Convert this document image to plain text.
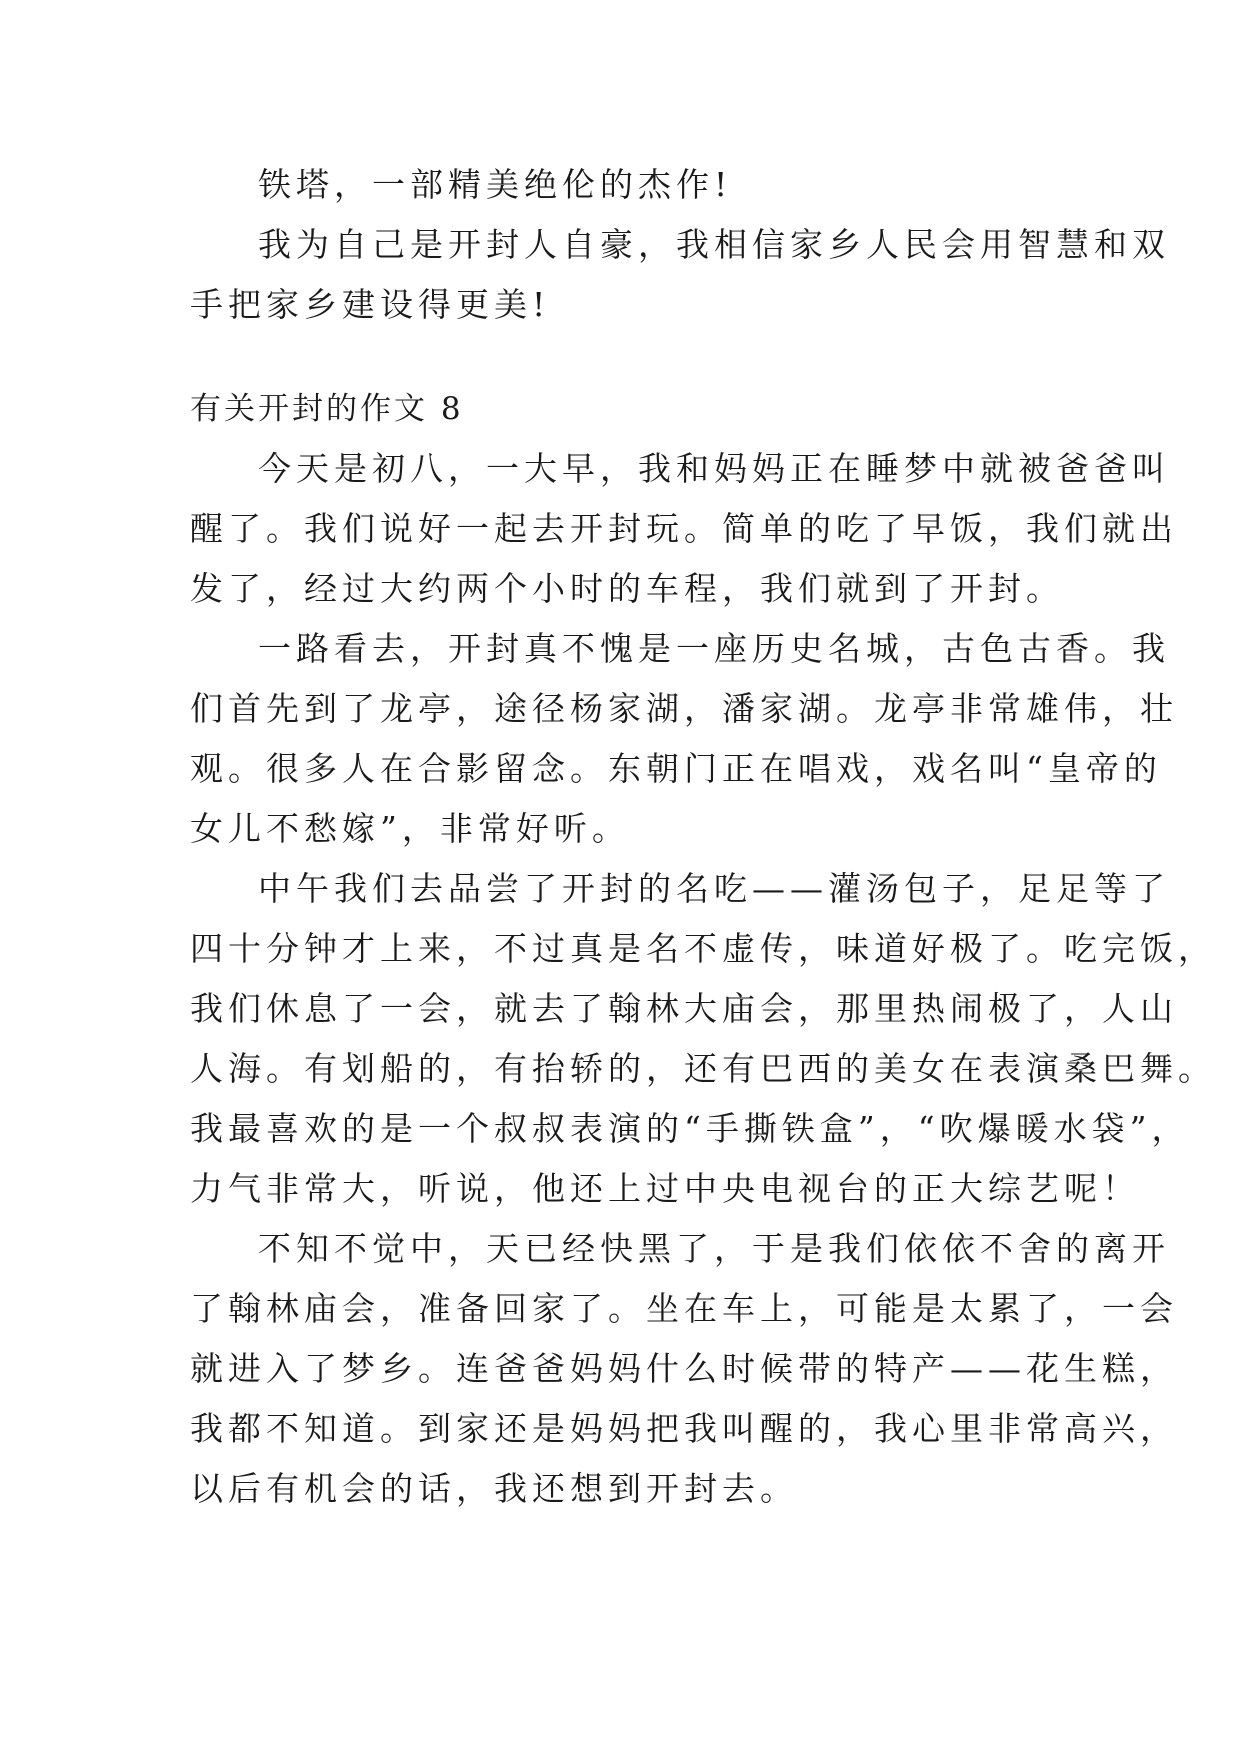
铁塔，一部精美绝伦的杰作!
我为自己是开封人自豪，我相信家乡人民会用智慧和双
手把家乡建设得更美!
有关开封的作文 8
今天是初八，一大早，我和妈妈正在睡梦中就被爸爸叫
醒了。我们说好一起去开封玩。简单的吃了早饭，我们就出
发了，经过大约两个小时的车程，我们就到了开封。
一路看去，开封真不愧是一座历史名城，古色古香。我
们首先到了龙亭，途径杨家湖，潘家湖。龙亭非常雄伟，壮
观。很多人在合影留念。东朝门正在唱戏，戏名叫“皇帝的
女儿不愁嫁”，非常好听。
中午我们去品尝了开封的名吃——灌汤包子，足足等了
四十分钟才上来，不过真是名不虚传，味道好极了。吃完饭，
我们休息了一会，就去了翰林大庙会，那里热闹极了，人山
人海。有划船的，有抬轿的，还有巴西的美女在表演桑巴舞。
我最喜欢的是一个叔叔表演的“手撕铁盒”，“吹爆暖水袋”，
力气非常大，听说，他还上过中央电视台的正大综艺呢！
不知不觉中，天已经快黑了，于是我们依依不舍的离开
了翰林庙会，准备回家了。坐在车上，可能是太累了，一会
就进入了梦乡。连爸爸妈妈什么时候带的特产——花生糕，
我都不知道。到家还是妈妈把我叫醒的，我心里非常高兴，
以后有机会的话，我还想到开封去。
